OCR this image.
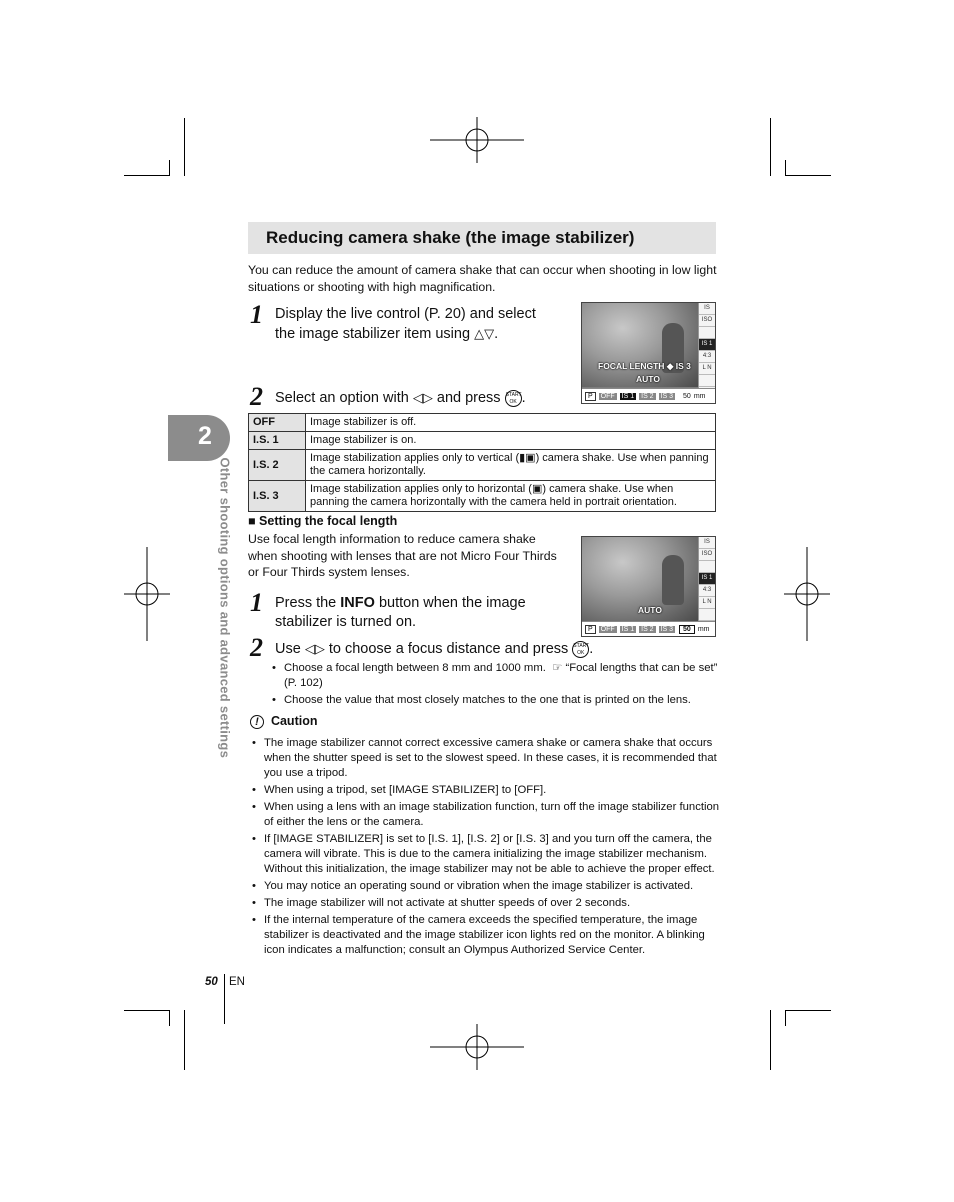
2
Other shooting options and advanced settings
Reducing camera shake (the image stabilizer)
You can reduce the amount of camera shake that can occur when shooting in low light situations or shooting with high magnification.
1 Display the live control (P. 20) and select
the image stabilizer item using △▽.
2 Select an option with ◁▷ and press START
OK .
IS
ISO
IS 1
4:3
L N
FOCAL LENGTH ◆ IS 3
AUTO
P	OFF IS 1 IS 2 IS 3 50 mm
OFF	Image stabilizer is off.
I.S. 1	Image stabilizer is on.
I.S. 2	Image stabilization applies only to vertical (▮▣) camera shake. Use when panning the camera horizontally.
I.S. 3	Image stabilization applies only to horizontal (▣) camera shake. Use when panning the camera horizontally with the camera held in portrait orientation.
■ Setting the focal length
Use focal length information to reduce camera shake when shooting with lenses that are not Micro Four Thirds or Four Thirds system lenses.
1 Press the INFO button when the image
stabilizer is turned on.
2 Use ◁▷ to choose a focus distance and press START
OK .
IS
ISO
IS 1
4:3
L N
AUTO
P	OFF IS 1 IS 2 IS 3	50	mm
• Choose a focal length between 8 mm and 1000 mm. ☞ “Focal lengths that can be set” (P. 102)
• Choose the value that most closely matches to the one that is printed on the lens.
! Caution
• The image stabilizer cannot correct excessive camera shake or camera shake that occurs when the shutter speed is set to the slowest speed. In these cases, it is recommended that you use a tripod.
• When using a tripod, set [IMAGE STABILIZER] to [OFF].
• When using a lens with an image stabilization function, turn off the image stabilizer function of either the lens or the camera.
• If [IMAGE STABILIZER] is set to [I.S. 1], [I.S. 2] or [I.S. 3] and you turn off the camera, the camera will vibrate. This is due to the camera initializing the image stabilizer mechanism. Without this initialization, the image stabilizer may not be able to achieve the proper effect.
• You may notice an operating sound or vibration when the image stabilizer is activated.
• The image stabilizer will not activate at shutter speeds of over 2 seconds.
• If the internal temperature of the camera exceeds the specified temperature, the image stabilizer is deactivated and the image stabilizer icon lights red on the monitor. A blinking icon indicates a malfunction; consult an Olympus Authorized Service Center.
50 EN
